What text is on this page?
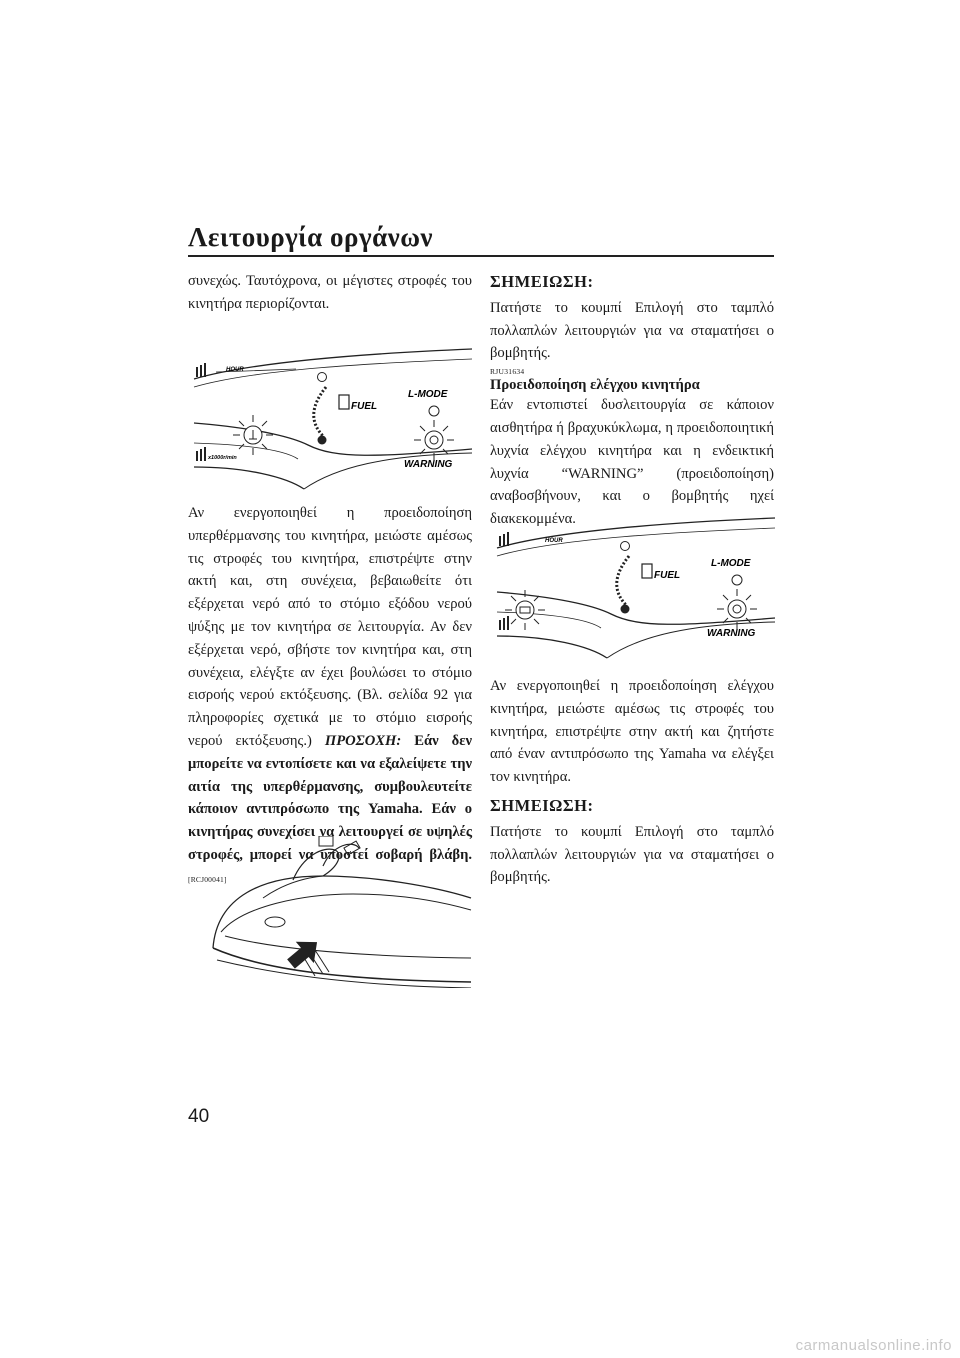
Λειτουργία οργάνων

συνεχώς. Ταυτόχρονα, οι μέγιστες στροφές του κινητήρα περιορίζονται.

HOUR
FUEL
L-MODE
WARNING
x1000r/min

Αν ενεργοποιηθεί η προειδοποίηση υπερθέρμανσης του κινητήρα, μειώστε αμέσως τις στροφές του κινητήρα, επιστρέψτε στην ακτή και, στη συνέχεια, βεβαιωθείτε ότι εξέρχεται νερό από το στόμιο εξόδου νερού ψύξης με τον κινητήρα σε λειτουργία. Αν δεν εξέρχεται νερό, σβήστε τον κινητήρα και, στη συνέχεια, ελέγξτε αν έχει βουλώσει το στόμιο εισροής νερού εκτόξευσης. (Βλ. σελίδα 92 για πληροφορίες σχετικά με το στόμιο εισροής νερού εκτόξευσης.) ΠΡΟΣΟΧΗ: Εάν δεν μπορείτε να εντοπίσετε και να εξαλείψετε την αιτία της υπερθέρμανσης, συμβουλευτείτε κάποιον αντιπρόσωπο της Yamaha. Εάν ο κινητήρας συνεχίσει να λειτουργεί σε υψηλές στροφές, μπορεί να υποστεί σοβαρή βλάβη. [RCJ00041]

ΣΗΜΕΙΩΣΗ:

Πατήστε το κουμπί Επιλογή στο ταμπλό πολλαπλών λειτουργιών για να σταματήσει ο βομβητής.

RJU31634

Προειδοποίηση ελέγχου κινητήρα

Εάν εντοπιστεί δυσλειτουργία σε κάποιον αισθητήρα ή βραχυκύκλωμα, η προειδοποιητική λυχνία ελέγχου κινητήρα και η ενδεικτική λυχνία “WARNING” (προειδοποίηση) αναβοσβήνουν, και ο βομβητής ηχεί διακεκομμένα.

HOUR
FUEL
L-MODE
WARNING

Αν ενεργοποιηθεί η προειδοποίηση ελέγχου κινητήρα, μειώστε αμέσως τις στροφές του κινητήρα, επιστρέψτε στην ακτή και ζητήστε από έναν αντιπρόσωπο της Yamaha να ελέγξει τον κινητήρα.

ΣΗΜΕΙΩΣΗ:

Πατήστε το κουμπί Επιλογή στο ταμπλό πολλαπλών λειτουργιών για να σταματήσει ο βομβητής.

40
carmanualsonline.info
